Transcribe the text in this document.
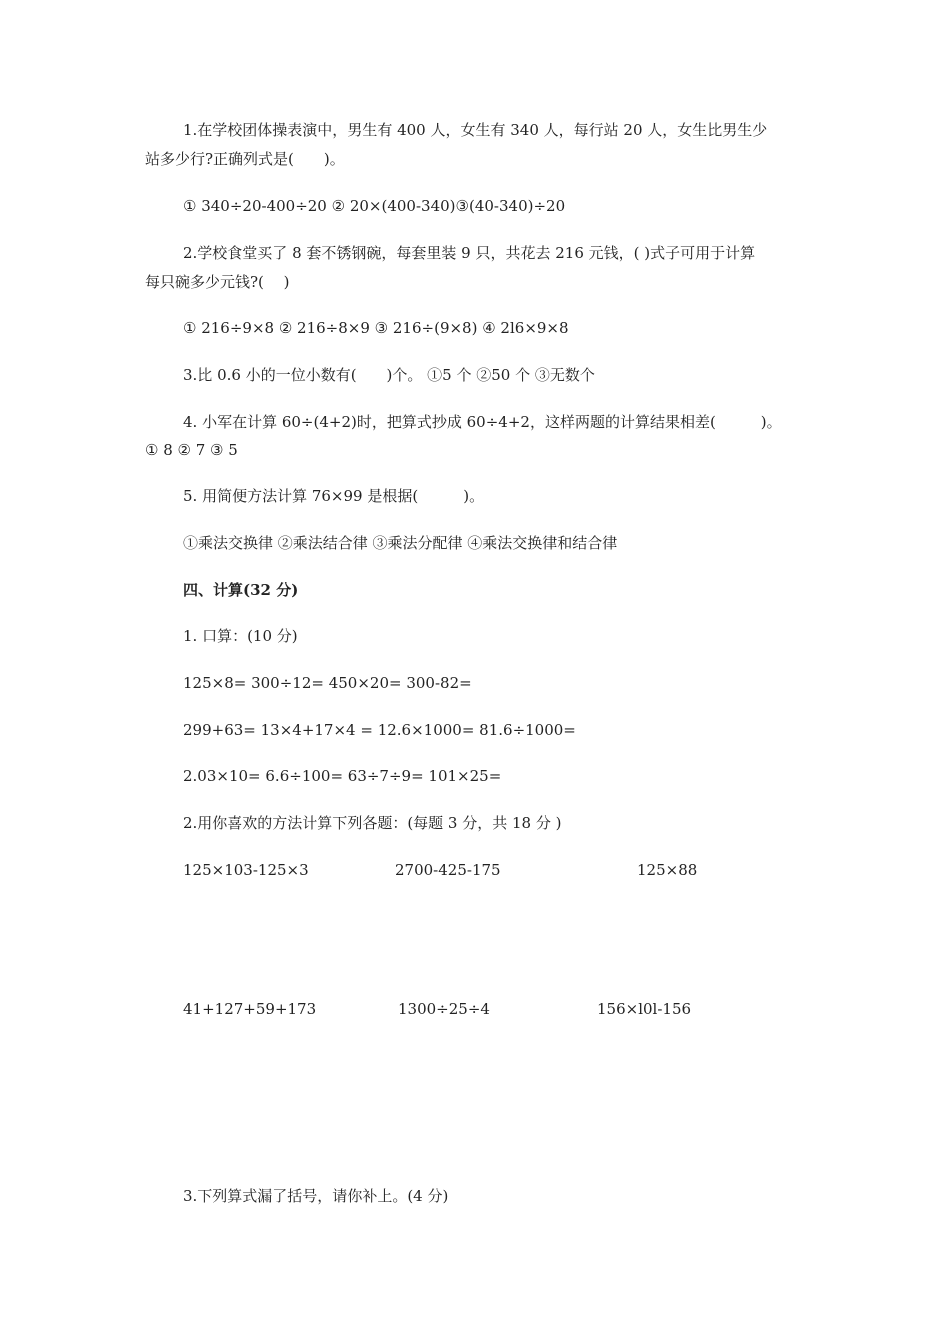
1.在学校团体操表演中，男生有 400 人，女生有 340 人，每行站 20 人，女生比男生少
站多少行?正确列式是(　　)。
① 340÷20-400÷20 ② 20×(400-340)③(40-340)÷20
2.学校食堂买了 8 套不锈钢碗，每套里装 9 只，共花去 216 元钱，( )式子可用于计算
每只碗多少元钱?(　 )
① 216÷9×8 ② 216÷8×9 ③ 216÷(9×8) ④ 2l6×9×8
3.比 0.6 小的一位小数有(　　)个。 ①5 个 ②50 个 ③无数个
4. 小军在计算 60÷(4+2)时，把算式抄成 60÷4+2，这样两题的计算结果相差(　　　)。
① 8 ② 7 ③ 5
5. 用简便方法计算 76×99 是根据(　　　)。
①乘法交换律 ②乘法结合律 ③乘法分配律 ④乘法交换律和结合律
四、计算(32 分)
1. 口算：(10 分)
125×8= 300÷12= 450×20= 300-82=
299+63= 13×4+17×4 = 12.6×1000= 81.6÷1000=
2.03×10= 6.6÷100= 63÷7÷9= 101×25=
2.用你喜欢的方法计算下列各题：(每题 3 分，共 18 分 )
125×103-125×3	2700-425-175	125×88
41+127+59+173	1300÷25÷4	156×l0l-156
3.下列算式漏了括号，请你补上。(4 分)
